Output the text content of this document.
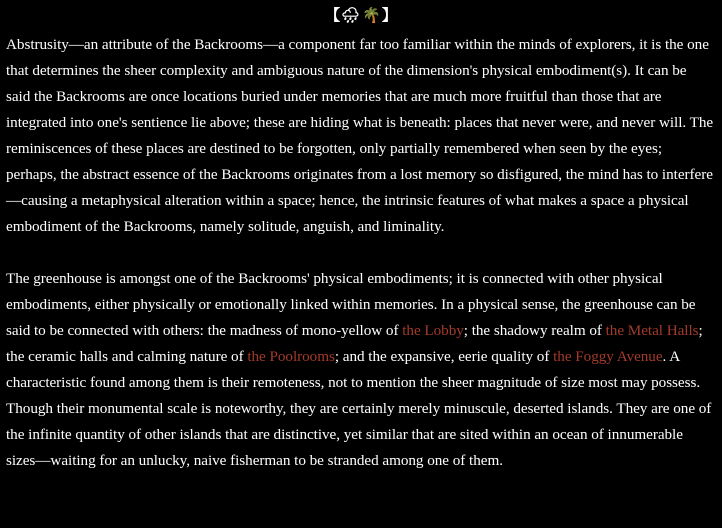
【🌧 🌴】

Abstrusity—an attribute of the Backrooms—a component far too familiar within the minds of explorers, it is the one that determines the sheer complexity and ambiguous nature of the dimension's physical embodiment(s). It can be said the Backrooms are once locations buried under memories that are much more fruitful than those that are integrated into one's sentience lie above; these are hiding what is beneath: places that never were, and never will. The reminiscences of these places are destined to be forgotten, only partially remembered when seen by the eyes; perhaps, the abstract essence of the Backrooms originates from a lost memory so disfigured, the mind has to interfere—causing a metaphysical alteration within a space; hence, the intrinsic features of what makes a space a physical embodiment of the Backrooms, namely solitude, anguish, and liminality.

The greenhouse is amongst one of the Backrooms' physical embodiments; it is connected with other physical embodiments, either physically or emotionally linked within memories. In a physical sense, the greenhouse can be said to be connected with others: the madness of mono-yellow of the Lobby; the shadowy realm of the Metal Halls; the ceramic halls and calming nature of the Poolrooms; and the expansive, eerie quality of the Foggy Avenue. A characteristic found among them is their remoteness, not to mention the sheer magnitude of size most may possess. Though their monumental scale is noteworthy, they are certainly merely minuscule, deserted islands. They are one of the infinite quantity of other islands that are distinctive, yet similar that are sited within an ocean of innumerable sizes—waiting for an unlucky, naive fisherman to be stranded among one of them.
